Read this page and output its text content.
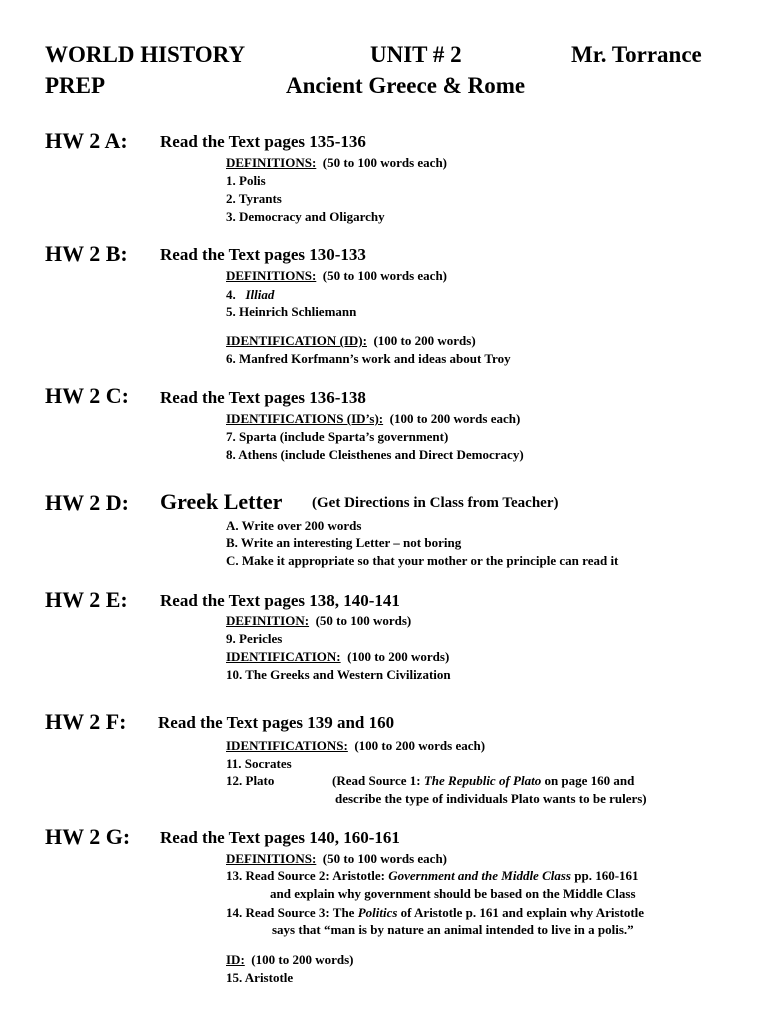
WORLD HISTORY	UNIT # 2	Mr. Torrance
PREP	Ancient Greece & Rome
HW 2 A: Read the Text pages 135-136
DEFINITIONS: (50 to 100 words each)
1. Polis
2. Tyrants
3. Democracy and Oligarchy
HW 2 B: Read the Text pages 130-133
DEFINITIONS: (50 to 100 words each)
4. Illiad
5. Heinrich Schliemann
IDENTIFICATION (ID): (100 to 200 words)
6. Manfred Korfmann’s work and ideas about Troy
HW 2 C: Read the Text pages 136-138
IDENTIFICATIONS (ID’s): (100 to 200 words each)
7. Sparta (include Sparta’s government)
8. Athens (include Cleisthenes and Direct Democracy)
HW 2 D: Greek Letter (Get Directions in Class from Teacher)
A. Write over 200 words
B. Write an interesting Letter – not boring
C. Make it appropriate so that your mother or the principle can read it
HW 2 E: Read the Text pages 138, 140-141
DEFINITION: (50 to 100 words)
9. Pericles
IDENTIFICATION: (100 to 200 words)
10. The Greeks and Western Civilization
HW 2 F: Read the Text pages 139 and 160
IDENTIFICATIONS: (100 to 200 words each)
11. Socrates
12. Plato	(Read Source 1: The Republic of Plato on page 160 and
describe the type of individuals Plato wants to be rulers)
HW 2 G: Read the Text pages 140, 160-161
DEFINITIONS: (50 to 100 words each)
13. Read Source 2: Aristotle: Government and the Middle Class pp. 160-161
and explain why government should be based on the Middle Class
14. Read Source 3: The Politics of Aristotle p. 161 and explain why Aristotle
says that “man is by nature an animal intended to live in a polis.”
ID: (100 to 200 words)
15. Aristotle
